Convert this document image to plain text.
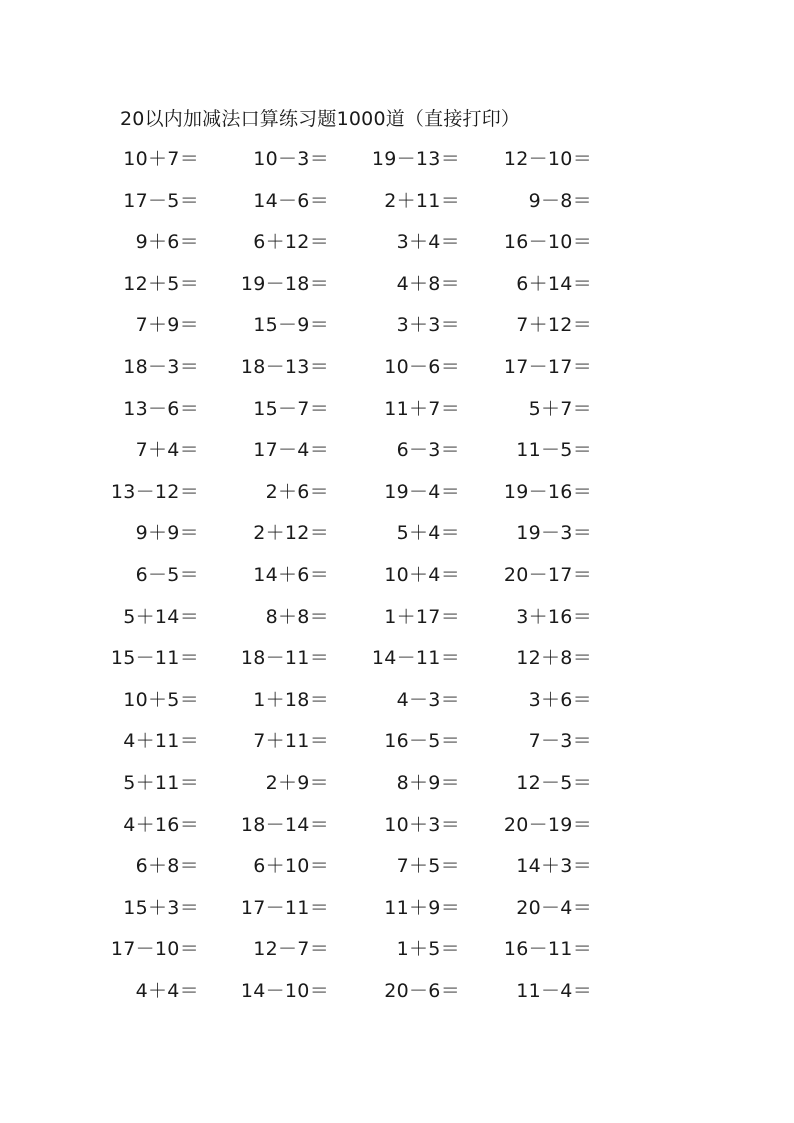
20以内加减法口算练习题1000道（直接打印）
10＋7＝	10－3＝ 19－13＝ 12－10＝
17－5＝	14－6＝	2＋11＝	9－8＝
9＋6＝	6＋12＝	3＋4＝ 16－10＝
12＋5＝ 19－18＝	4＋8＝	6＋14＝
7＋9＝	15－9＝	3＋3＝	7＋12＝
18－3＝ 18－13＝	10－6＝ 17－17＝
13－6＝	15－7＝	11＋7＝	5＋7＝
7＋4＝	17－4＝	6－3＝	11－5＝
13－12＝	2＋6＝	19－4＝ 19－16＝
9＋9＝	2＋12＝	5＋4＝	19－3＝
6－5＝	14＋6＝	10＋4＝ 20－17＝
5＋14＝	8＋8＝	1＋17＝	3＋16＝
15－11＝ 18－11＝ 14－11＝	12＋8＝
10＋5＝	1＋18＝	4－3＝	3＋6＝
4＋11＝	7＋11＝	16－5＝	7－3＝
5＋11＝	2＋9＝	8＋9＝	12－5＝
4＋16＝ 18－14＝	10＋3＝ 20－19＝
6＋8＝	6＋10＝	7＋5＝	14＋3＝
15＋3＝ 17－11＝	11＋9＝	20－4＝
17－10＝	12－7＝	1＋5＝ 16－11＝
4＋4＝ 14－10＝	20－6＝	11－4＝
